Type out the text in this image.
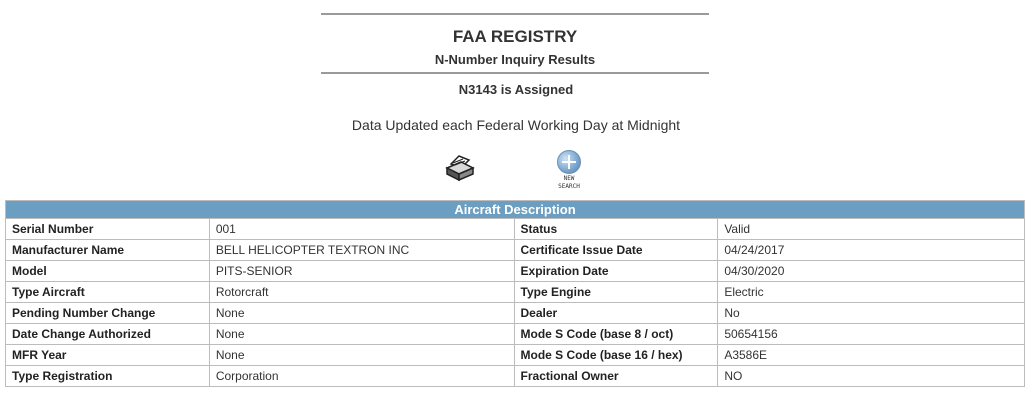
FAA REGISTRY
N-Number Inquiry Results
N3143 is Assigned
Data Updated each Federal Working Day at Midnight
NEW
SEARCH
Aircraft Description			
Serial Number	001	Status	Valid
Manufacturer Name	BELL HELICOPTER TEXTRON INC	Certificate Issue Date	04/24/2017
Model	PITS-SENIOR	Expiration Date	04/30/2020
Type Aircraft	Rotorcraft	Type Engine	Electric
Pending Number Change	None	Dealer	No
Date Change Authorized	None	Mode S Code (base 8 / oct)	50654156
MFR Year	None	Mode S Code (base 16 / hex)	A3586E
Type Registration	Corporation	Fractional Owner	NO
